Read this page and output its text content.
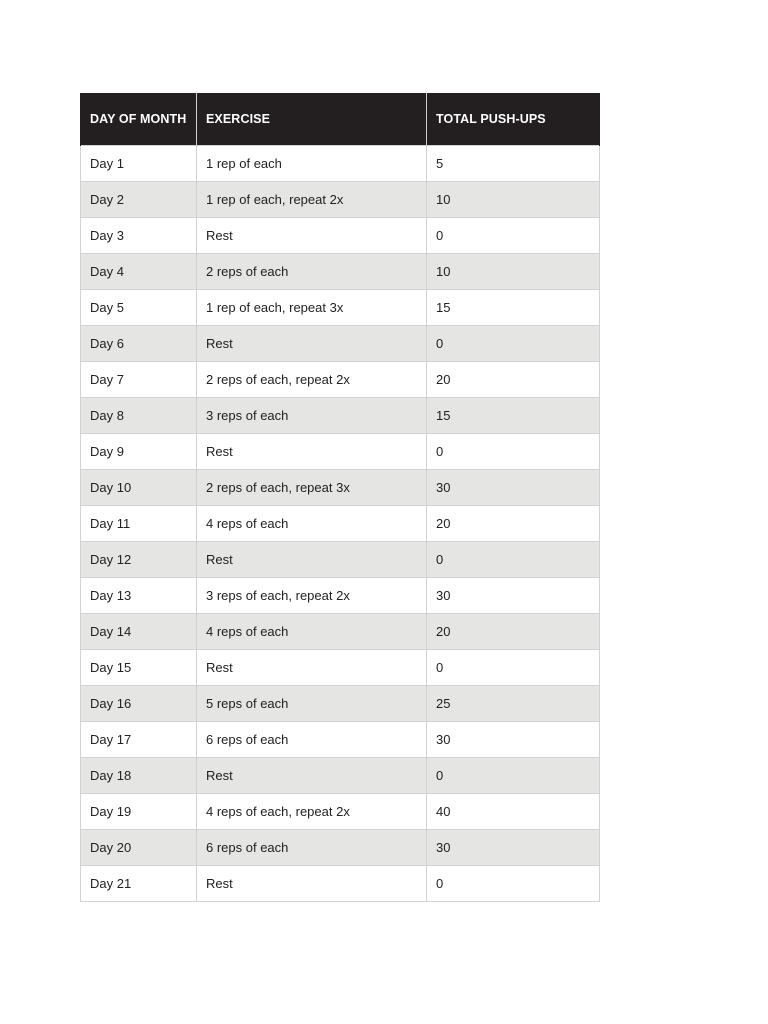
DAY OF MONTH	EXERCISE	TOTAL PUSH-UPS
Day 1	1 rep of each	5
Day 2	1 rep of each, repeat 2x	10
Day 3	Rest	0
Day 4	2 reps of each	10
Day 5	1 rep of each, repeat 3x	15
Day 6	Rest	0
Day 7	2 reps of each, repeat 2x	20
Day 8	3 reps of each	15
Day 9	Rest	0
Day 10	2 reps of each, repeat 3x	30
Day 11	4 reps of each	20
Day 12	Rest	0
Day 13	3 reps of each, repeat 2x	30
Day 14	4 reps of each	20
Day 15	Rest	0
Day 16	5 reps of each	25
Day 17	6 reps of each	30
Day 18	Rest	0
Day 19	4 reps of each, repeat 2x	40
Day 20	6 reps of each	30
Day 21	Rest	0
